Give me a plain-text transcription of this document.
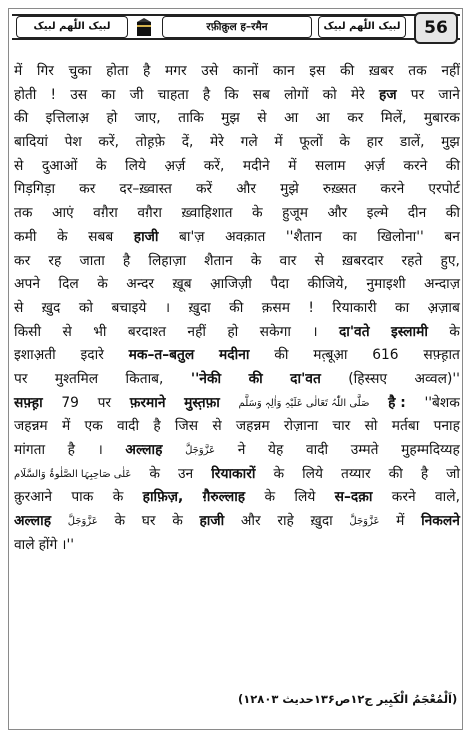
لبیک اللّٰھم لبیک	रफ़ीक़ुल ह–रमैन	لبیک اللّٰھم لبیک	56
में गिर चुका होता है मगर उसे कानों कान इस की ख़बर तक नहीं
होती ! उस का जी चाहता है कि सब लोगों को मेरे हज पर जाने
की इत्तिलाअ़ हो जाए, ताकि मुझ से आ आ कर मिलें, मुबारक
बादियां पेश करें, तोह़फ़े दें, मेरे गले में फूलों के हार डालें, मुझ
से दुआओं के लिये अ़र्ज़ करें, मदीने में सलाम अ़र्ज़ करने की
गिड़गिड़ा कर दर–ख़्वास्त करें और मुझे रुख़्सत करने एरपोर्ट
तक आएं वग़ैरा वग़ैरा ख़्वाहिशात के हुजूम और इल्मे दीन की
कमी के सबब हाजी बा'ज़ अवक़ात ''शैतान का खिलोना'' बन
कर रह जाता है लिहाज़ा शैतान के वार से ख़बरदार रहते हुए,
अपने दिल के अन्दर ख़ूब आ़जिज़ी पैदा कीजिये, नुमाइशी अन्दाज़
से ख़ुद को बचाइये । ख़ुदा की क़सम ! रियाकारी का अ़ज़ाब
किसी से भी बरदाश्त नहीं हो सकेगा । दा'वते इस्लामी के
इशाअ़ती इदारे मक–त–बतुल मदीना की मत़्बूआ़ 616 सफ़्ह़ात
पर मुश्तमिल किताब, ''नेकी की दा'वत (हिस्सए अव्वल)''
सफ़्ह़ा 79 पर फ़रमाने मुस्त़फ़ा صَلَّی اللّٰہُ تَعَالٰی عَلَیْہِ وَاٰلِہٖ وَسَلَّم है : ''बेशक
जहन्नम में एक वादी है जिस से जहन्नम रोज़ाना चार सो मर्तबा पनाह
मांगता है । अल्लाह عَزَّوَجَلَّ ने येह वादी उम्मते मुहम्मदिय्यह
عَلٰی صَاحِبِہَا الصَّلٰوۃُ وَالسَّلَام के उन रियाकारों के लिये तय्यार की है जो
क़ुरआने पाक के हाफ़िज़, ग़ैरुल्लाह के लिये स–दक़ा करने वाले,
अल्लाह عَزَّوَجَلَّ के घर के हाजी और राहे ख़ुदा عَزَّوَجَلَّ में निकलने
वाले होंगे ।''
(اَلْمُعْجَمُ الْکَبِیر ج۱۲ص۱۳۶حدیث ۱۲۸۰۳)
